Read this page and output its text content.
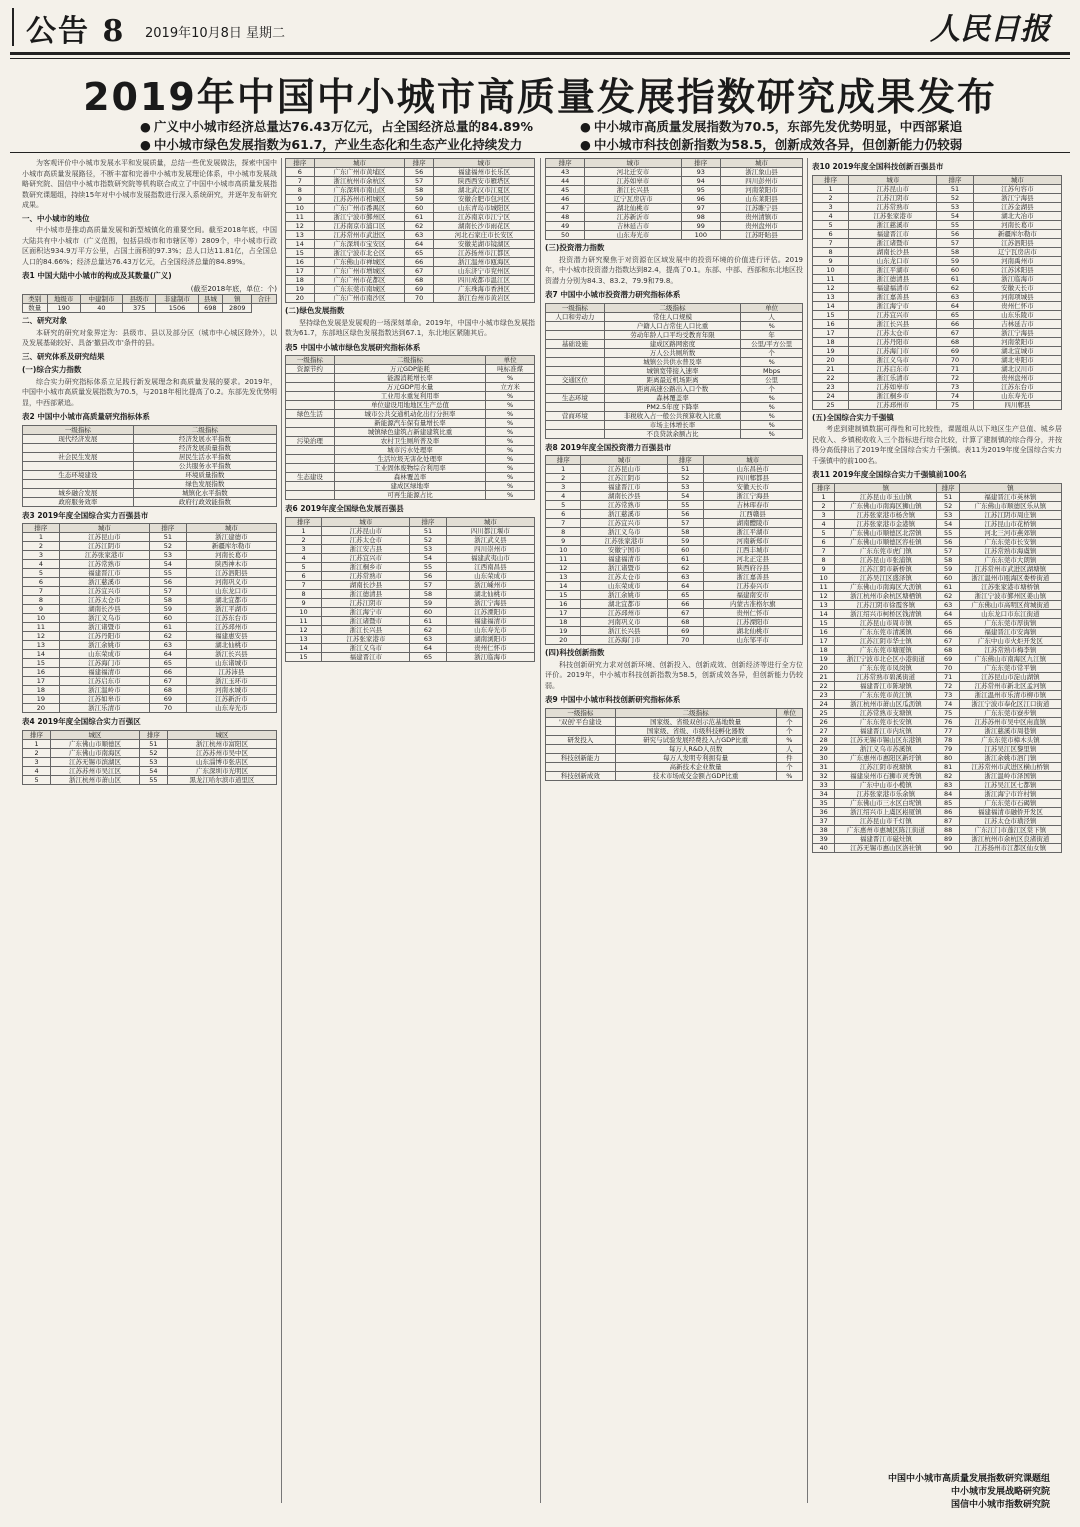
公告 8 2019年10月8日 星期二	人民日报
2019年中国中小城市高质量发展指数研究成果发布
● 广义中小城市经济总量达76.43万亿元，占全国经济总量的84.89%
● 中小城市绿色发展指数为61.7，产业生态化和生态产业化持续发力
● 中小城市高质量发展指数为70.5，东部先发优势明显，中西部紧追
● 中小城市科技创新指数为58.5，创新成效各异，但创新能力仍较弱

为客观评价中小城市发展水平和发展质量，总结一些优发展做法，探索中国中小城市高质量发展路径，不断丰富和完善中小城市发展理论体系，中小城市发展战略研究院、国信中小城市指数研究院等机构联合成立了中国中小城市高质量发展指数研究课题组，持续15年对中小城市发展指数进行深入系统研究，并逐年发布研究成果。

一、中小城市的地位

中小城市是推动高质量发展和新型城镇化的重要空间。截至2018年底，中国大陆共有中小城市（广义范围，包括县级市和市辖区等）2809个，中小城市行政区面积达934.9万平方公里，占国土面积的97.3%；总人口达11.81亿，占全国总人口的84.66%；经济总量达76.43万亿元，占全国经济总量的84.89%。

表1 中国大陆中小城市的构成及其数量(广义)
(截至2018年底，单位：个)
类别	地级市	中建制市	县级市	非建制市	县城	镇	合计
数量	190	40	375	1506	698	2809	
二、研究对象

本研究的研究对象界定为：县级市、县以及部分区（城市中心城区除外），以及发展基础较好、具备'撤县改市'条件的县。

三、研究体系及研究结果
(一)综合实力指数

综合实力研究指标体系立足践行新发展理念和高质量发展的要求。2019年，中国中小城市高质量发展指数为70.5，与2018年相比提高了0.2。东部先发优势明显，中西部紧追。

表2 中国中小城市高质量研究指标体系
一级指标	二级指标
现代经济发展	经济发展水平指数
	经济发展质量指数
社会民生发展	居民生活水平指数
	公共服务水平指数
生态环境建设	环境质量指数
	绿色发展指数
城乡融合发展	城镇化水平指数
政府服务效率	政府行政效能指数
表3 2019年度全国综合实力百强县市
排序	城市	排序	城市
1	江苏昆山市	51	浙江建德市
2	江苏江阴市	52	新疆库尔勒市
3	江苏张家港市	53	河南长葛市
4	江苏常熟市	54	陕西神木市
5	福建晋江市	55	江苏泗阳县
6	浙江慈溪市	56	河南巩义市
7	江苏宜兴市	57	山东龙口市
8	江苏太仓市	58	湖北宜都市
9	湖南长沙县	59	浙江平湖市
10	浙江义乌市	60	江苏东台市
11	浙江诸暨市	61	江苏邳州市
12	江苏丹阳市	62	福建惠安县
13	浙江余姚市	63	湖北仙桃市
14	山东荣成市	64	浙江长兴县
15	江苏海门市	65	山东诸城市
16	福建福清市	66	江苏沛县
17	江苏启东市	67	浙江玉环市
18	浙江温岭市	68	河南永城市
19	江苏如皋市	69	江苏新沂市
20	浙江乐清市	70	山东寿光市
表4 2019年度全国综合实力百强区
排序	城区	排序	城区
1	广东佛山市顺德区	51	浙江杭州市富阳区
2	广东佛山市南海区	52	江苏苏州市吴中区
3	江苏无锡市滨湖区	53	山东淄博市张店区
4	江苏苏州市吴江区	54	广东深圳市光明区
5	浙江杭州市萧山区	55	黑龙江哈尔滨市道里区
排序	城市	排序	城市
6	广东广州市黄埔区	56	福建福州市长乐区
7	浙江杭州市余杭区	57	陕西西安市雁塔区
8	广东深圳市南山区	58	湖北武汉市江夏区
9	江苏苏州市相城区	59	安徽合肥市包河区
10	广东广州市番禺区	60	山东青岛市城阳区
11	浙江宁波市鄞州区	61	江苏南京市江宁区
12	江苏南京市浦口区	62	湖南长沙市雨花区
13	江苏常州市武进区	63	河北石家庄市长安区
14	广东深圳市宝安区	64	安徽芜湖市镜湖区
15	浙江宁波市北仑区	65	江苏扬州市江都区
16	广东佛山市禅城区	66	浙江温州市瓯海区
17	广东广州市增城区	67	山东济宁市兖州区
18	广东广州市花都区	68	四川成都市温江区
19	广东东莞市南城区	69	广东珠海市香洲区
20	广东广州市南沙区	70	浙江台州市黄岩区
(二)绿色发展指数

坚持绿色发展是发展观的一场深刻革命。2019年，中国中小城市绿色发展指数为61.7，东部地区绿色发展指数达到67.1，东北地区紧随其后。

表5 中国中小城市绿色发展研究指标体系
一级指标	二级指标	单位
资源节约	万元GDP能耗	吨标准煤
	能源消耗增长率	%
	万元GDP用水量	立方米
	工业用水重复利用率	%
	单位建设用地地区生产总值	%
绿色生活	城市公共交通机动化出行分担率	%
	新能源汽车保有量增长率	%
	城镇绿色建筑占新建建筑比重	%
污染治理	农村卫生厕所普及率	%
	城市污水处理率	%
	生活垃圾无害化处理率	%
	工业固体废物综合利用率	%
生态建设	森林覆盖率	%
	建成区绿地率	%
	可再生能源占比	%
表6 2019年度全国绿色发展百强县
排序	城市	排序	城市
1	江苏昆山市	51	四川都江堰市
2	江苏太仓市	52	浙江武义县
3	浙江安吉县	53	四川崇州市
4	江苏宜兴市	54	福建武夷山市
5	浙江桐乡市	55	江西南昌县
6	江苏常熟市	56	山东荣成市
7	湖南长沙县	57	浙江嵊州市
8	浙江德清县	58	湖北仙桃市
9	江苏江阴市	59	浙江宁海县
10	浙江海宁市	60	江苏溧阳市
11	浙江诸暨市	61	福建福清市
12	浙江长兴县	62	山东寿光市
13	江苏张家港市	63	湖南浏阳市
14	浙江义乌市	64	贵州仁怀市
15	福建晋江市	65	浙江临海市
排序	城市	排序	城市
43	河北迁安市	93	浙江象山县
44	江苏如皋市	94	四川彭州市
45	浙江长兴县	95	河南荥阳市
46	辽宁瓦房店市	96	山东莱阳县
47	湖北仙桃市	97	江苏睢宁县
48	江苏新沂市	98	贵州清镇市
49	吉林延吉市	99	贵州盘州市
50	山东寿光市	100	江苏盱眙县
(三)投资潜力指数

投资潜力研究聚焦于对资源在区域发展中的投资环境的价值进行评估。2019年，中小城市投资潜力指数达到82.4，提高了0.1。东部、中部、西部和东北地区投资潜力分别为84.3、83.2、79.9和79.8。

表7 中国中小城市投资潜力研究指标体系
一级指标	二级指标	单位
人口和劳动力	常住人口规模	人
	户籍人口占常住人口比重	%
	劳动年龄人口平均受教育年限	年
基础设施	建成区路网密度	公里/平方公里
	万人公共厕所数	个
	城镇公共供水普及率	%
	城镇宽带接入速率	Mbps
交通区位	距离最近机场距离	公里
	距离高速公路出入口个数	个
生态环境	森林覆盖率	%
	PM2.5年度下降率	%
营商环境	非税收入占一般公共预算收入比重	%
	市场主体增长率	%
	不良贷款余额占比	%
表8 2019年度全国投资潜力百强县市
排序	城市	排序	城市
1	江苏昆山市	51	山东昌邑市
2	江苏江阴市	52	四川郫都县
3	福建晋江市	53	安徽天长市
4	湖南长沙县	54	浙江宁海县
5	江苏常熟市	55	吉林珲春市
6	浙江慈溪市	56	江西赣县
7	江苏宜兴市	57	湖南醴陵市
8	浙江义乌市	58	浙江平湖市
9	江苏张家港市	59	河南新郑市
10	安徽宁国市	60	江西丰城市
11	福建福清市	61	河北正定县
12	浙江诸暨市	62	陕西府谷县
13	江苏太仓市	63	浙江嘉善县
14	山东荣成市	64	江苏泰兴市
15	浙江余姚市	65	福建南安市
16	湖北宜都市	66	内蒙古准格尔旗
17	江苏邳州市	67	贵州仁怀市
18	河南巩义市	68	江苏溧阳市
19	浙江长兴县	69	湖北仙桃市
20	江苏海门市	70	山东邹平市
(四)科技创新指数

科技创新研究力求对创新环境、创新投入、创新成效、创新经济等进行全方位评价。2019年，中小城市科技创新指数为58.5，创新成效各异，但创新能力仍较弱。

表9 中国中小城市科技创新研究指标体系
一级指标	二级指标	单位
'双创'平台建设	国家级、省级双创示范基地数量	个
	国家级、省级、市级科技孵化器数	个
研发投入	研究与试验发展经费投入占GDP比重	%
	每万人R&D人员数	人
科技创新能力	每万人发明专利拥有量	件
	高新技术企业数量	个
科技创新成效	技术市场成交金额占GDP比重	%
表10 2019年度全国科技创新百强县市
排序	城市	排序	城市
1	江苏昆山市	51	江苏句容市
2	江苏江阴市	52	浙江宁海县
3	江苏常熟市	53	江苏金湖县
4	江苏张家港市	54	湖北大冶市
5	浙江慈溪市	55	河南长葛市
6	福建晋江市	56	新疆库尔勒市
7	浙江诸暨市	57	江苏泗阳县
8	湖南长沙县	58	辽宁瓦房店市
9	山东龙口市	59	河南禹州市
10	浙江平湖市	60	江苏沭阳县
11	浙江德清县	61	浙江临海市
12	福建福清市	62	安徽天长市
13	浙江嘉善县	63	河南项城县
14	浙江海宁市	64	贵州仁怀市
15	江苏宜兴市	65	山东乐陵市
16	浙江长兴县	66	吉林延吉市
17	江苏太仓市	67	浙江宁海县
18	江苏丹阳市	68	河南荥阳市
19	江苏海门市	69	湖北宜城市
20	浙江义乌市	70	湖北枣阳市
21	江苏启东市	71	湖北汉川市
22	浙江乐清市	72	贵州盘州市
23	江苏如皋市	73	江苏东台市
24	浙江桐乡市	74	山东寿光市
25	江苏邳州市	75	四川郫县
(五)全国综合实力千强镇

考虑到建制镇数据可得性和可比较性，课题组从以下地区生产总值、城乡居民收入、乡镇税收收入三个指标进行综合比较，计算了建制镇的综合得分，并按得分高低排出了2019年度全国综合实力千强镇。表11为2019年度全国综合实力千强镇中的前100名。

表11 2019年度全国综合实力千强镇前100名
排序	镇	排序	镇
1	江苏昆山市玉山镇	51	福建晋江市英林镇
2	广东佛山市南海区狮山镇	52	广东佛山市顺德区乐从镇
3	江苏张家港市杨舍镇	53	江苏江阴市周庄镇
4	江苏张家港市金港镇	54	江苏昆山市花桥镇
5	广东佛山市顺德区北滘镇	55	河北三河市燕郊镇
6	广东佛山市顺德区容桂镇	56	广东东莞市长安镇
7	广东东莞市虎门镇	57	江苏常熟市海虞镇
8	江苏昆山市张浦镇	58	广东东莞市大朗镇
9	江苏江阴市新桥镇	59	江苏常州市武进区湖塘镇
10	江苏吴江区盛泽镇	60	浙江温州市瓯海区娄桥街道
11	广东佛山市南海区大沥镇	61	江苏张家港市塘桥镇
12	浙江杭州市余杭区塘栖镇	62	浙江宁波市鄞州区姜山镇
13	江苏江阴市徐霞客镇	63	广东佛山市高明区荷城街道
14	浙江绍兴市柯桥区钱清镇	64	山东龙口市东江街道
15	江苏昆山市周市镇	65	广东东莞市厚街镇
16	广东东莞市清溪镇	66	福建晋江市安海镇
17	江苏江阴市华士镇	67	广东中山市火炬开发区
18	广东东莞市塘厦镇	68	江苏常熟市梅李镇
19	浙江宁波市北仑区小港街道	69	广东佛山市南海区九江镇
20	广东东莞市凤岗镇	70	广东东莞市常平镇
21	江苏常熟市碧溪街道	71	江苏昆山市淀山湖镇
22	福建晋江市陈埭镇	72	江苏常州市新北区孟河镇
23	广东东莞市黄江镇	73	浙江温州市乐清市柳市镇
24	浙江杭州市萧山区瓜沥镇	74	浙江宁波市奉化区江口街道
25	江苏常熟市支塘镇	75	广东东莞市寮步镇
26	广东东莞市长安镇	76	江苏苏州市吴中区甪直镇
27	福建晋江市内坑镇	77	浙江慈溪市周巷镇
28	江苏无锡市锡山区东港镇	78	广东东莞市樟木头镇
29	浙江义乌市苏溪镇	79	江苏吴江区黎里镇
30	广东惠州市惠阳区新圩镇	80	浙江余姚市泗门镇
31	江苏江阴市祝塘镇	81	江苏常州市武进区横山桥镇
32	福建泉州市石狮市灵秀镇	82	浙江温岭市泽国镇
33	广东中山市小榄镇	83	江苏吴江区七都镇
34	江苏张家港市乐余镇	84	浙江海宁市许村镇
35	广东佛山市三水区白坭镇	85	广东东莞市石碣镇
36	浙江绍兴市上虞区崧厦镇	86	福建福清市融侨开发区
37	江苏昆山市千灯镇	87	江苏太仓市璜泾镇
38	广东惠州市惠城区陈江街道	88	广东江门市蓬江区棠下镇
39	福建晋江市磁灶镇	89	浙江杭州市余杭区良渚街道
40	江苏无锡市惠山区洛社镇	90	江苏扬州市江都区仙女镇
中国中小城市高质量发展指数研究课题组
中小城市发展战略研究院
国信中小城市指数研究院
